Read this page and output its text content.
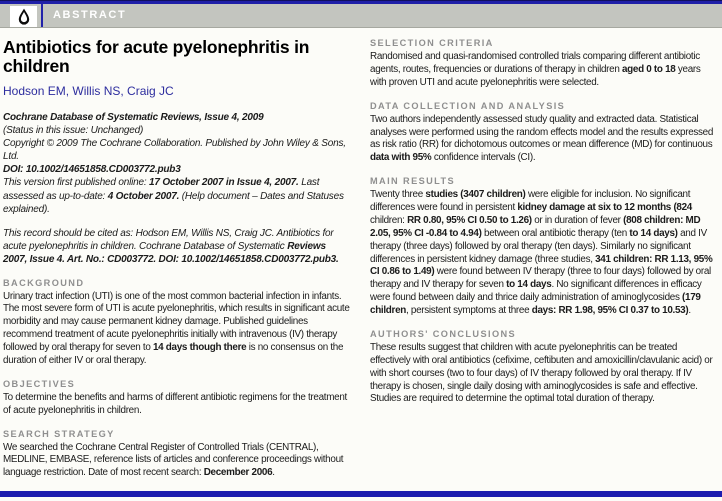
ABSTRACT
Antibiotics for acute pyelonephritis in children
Hodson EM, Willis NS, Craig JC

Cochrane Database of Systematic Reviews, Issue 4, 2009

(Status in this issue: Unchanged)

Copyright © 2009 The Cochrane Collaboration. Published by John Wiley & Sons, Ltd.

DOI: 10.1002/14651858.CD003772.pub3

This version first published online: 17 October 2007 in Issue 4, 2007. Last assessed as up-to-date: 4 October 2007. (Help document – Dates and Statuses explained).

This record should be cited as: Hodson EM, Willis NS, Craig JC. Antibiotics for acute pyelonephritis in children. Cochrane Database of Systematic Reviews 2007, Issue 4. Art. No.: CD003772. DOI: 10.1002/14651858.CD003772.pub3.

BACKGROUND

Urinary tract infection (UTI) is one of the most common bacterial infection in infants. The most severe form of UTI is acute pyelonephritis, which results in significant acute morbidity and may cause permanent kidney damage. Published guidelines recommend treatment of acute pyelonephritis initially with intravenous (IV) therapy followed by oral therapy for seven to 14 days though there is no consensus on the duration of either IV or oral therapy.

OBJECTIVES

To determine the benefits and harms of different antibiotic regimens for the treatment of acute pyelonephritis in children.

SEARCH STRATEGY

We searched the Cochrane Central Register of Controlled Trials (CENTRAL), MEDLINE, EMBASE, reference lists of articles and conference proceedings without language restriction. Date of most recent search: December 2006.

SELECTION CRITERIA

Randomised and quasi-randomised controlled trials comparing different antibiotic agents, routes, frequencies or durations of therapy in children aged 0 to 18 years with proven UTI and acute pyelonephritis were selected.

DATA COLLECTION AND ANALYSIS

Two authors independently assessed study quality and extracted data. Statistical analyses were performed using the random effects model and the results expressed as risk ratio (RR) for dichotomous outcomes or mean difference (MD) for continuous data with 95% confidence intervals (CI).

MAIN RESULTS

Twenty three studies (3407 children) were eligible for inclusion. No significant differences were found in persistent kidney damage at six to 12 months (824 children: RR 0.80, 95% CI 0.50 to 1.26) or in duration of fever (808 children: MD 2.05, 95% CI -0.84 to 4.94) between oral antibiotic therapy (ten to 14 days) and IV therapy (three days) followed by oral therapy (ten days). Similarly no significant differences in persistent kidney damage (three studies, 341 children: RR 1.13, 95% CI 0.86 to 1.49) were found between IV therapy (three to four days) followed by oral therapy and IV therapy for seven to 14 days. No significant differences in efficacy were found between daily and thrice daily administration of aminoglycosides (179 children, persistent symptoms at three days: RR 1.98, 95% CI 0.37 to 10.53).

AUTHORS' CONCLUSIONS

These results suggest that children with acute pyelonephritis can be treated effectively with oral antibiotics (cefixime, ceftibuten and amoxicillin/clavulanic acid) or with short courses (two to four days) of IV therapy followed by oral therapy. If IV therapy is chosen, single daily dosing with aminoglycosides is safe and effective. Studies are required to determine the optimal total duration of therapy.
